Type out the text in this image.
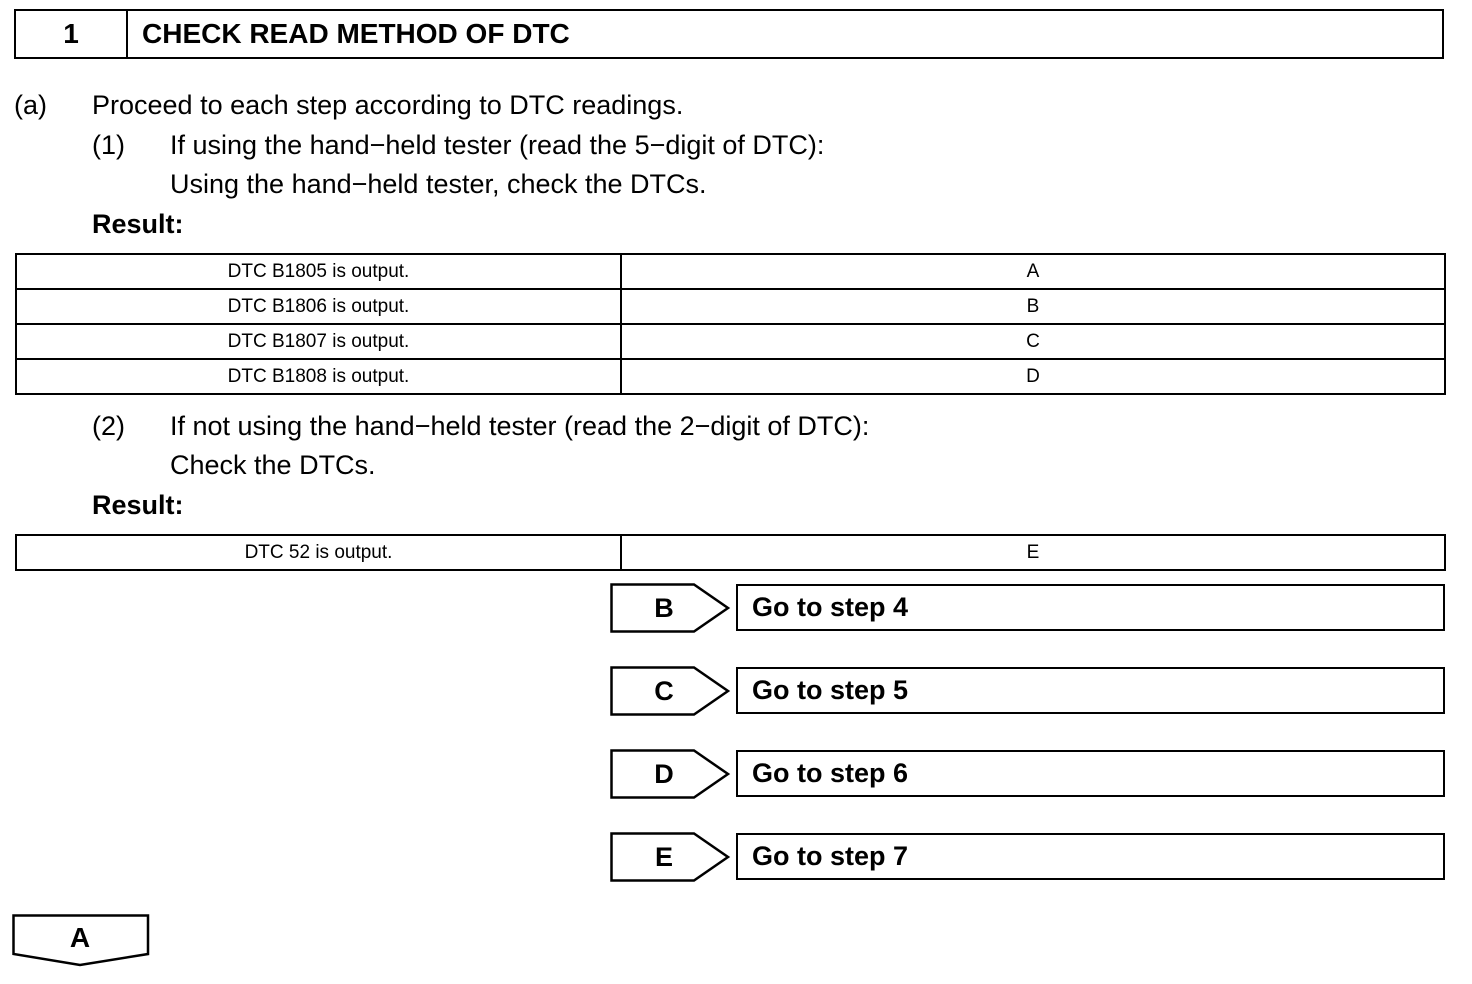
1	CHECK READ METHOD OF DTC
(a) Proceed to each step according to DTC readings.
(1) If using the hand−held tester (read the 5−digit of DTC):
Using the hand−held tester, check the DTCs.
Result:
DTC B1805 is output.	A
DTC B1806 is output.	B
DTC B1807 is output.	C
DTC B1808 is output.	D
(2) If not using the hand−held tester (read the 2−digit of DTC):
Check the DTCs.
Result:
DTC 52 is output.	E
B	Go to step 4
C	Go to step 5
D	Go to step 6
E	Go to step 7
A
